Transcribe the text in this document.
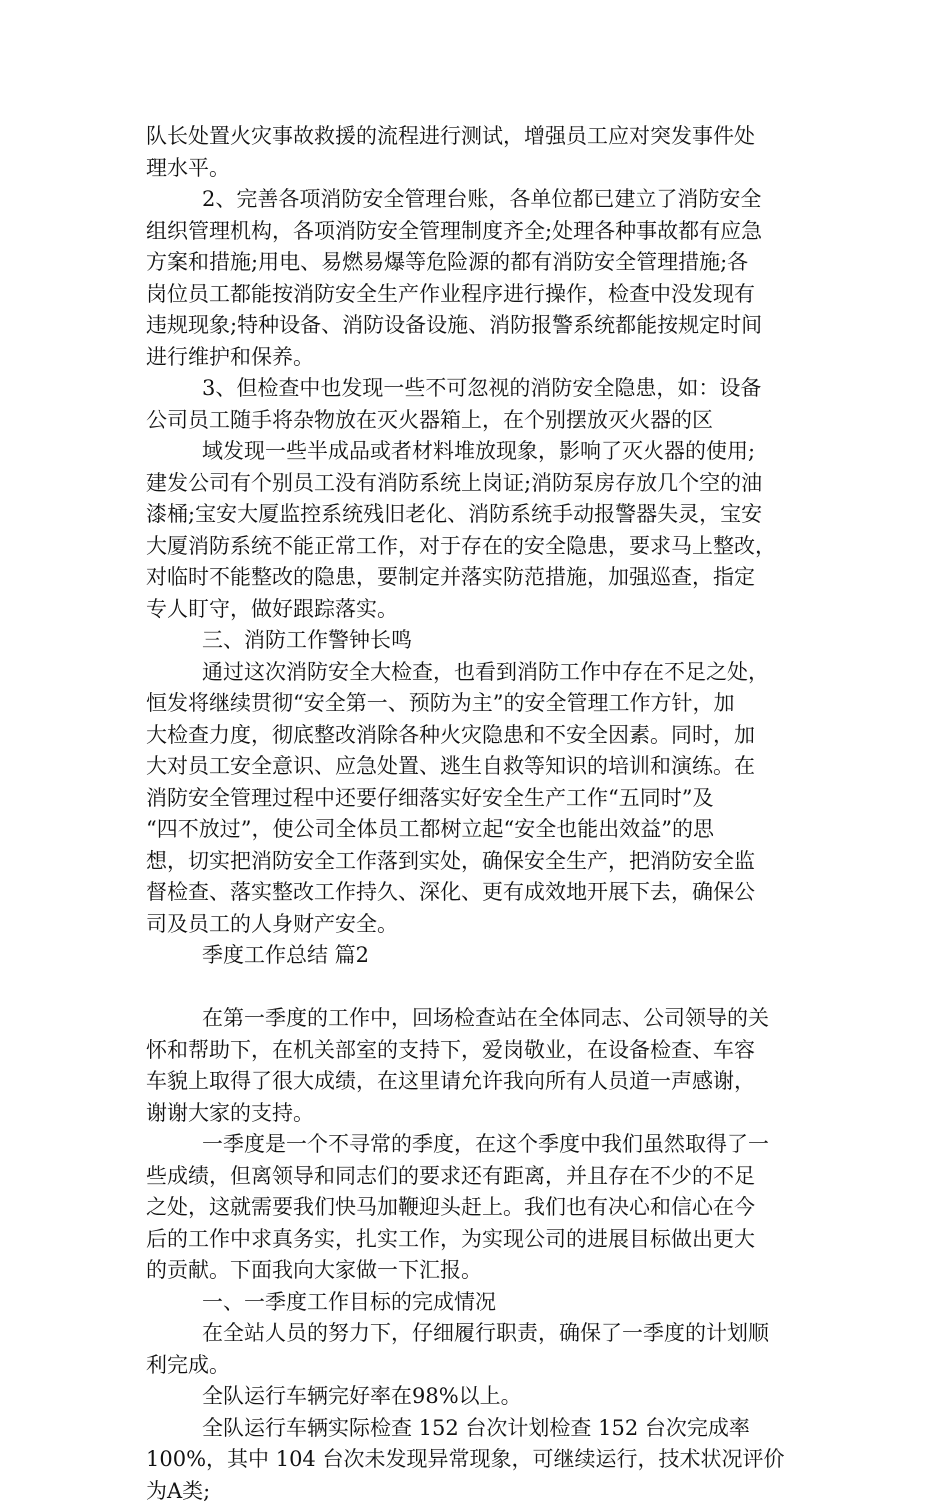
队长处置火灾事故救援的流程进行测试，增强员工应对突发事件处
理水平。
2、完善各项消防安全管理台账，各单位都已建立了消防安全
组织管理机构，各项消防安全管理制度齐全;处理各种事故都有应急
方案和措施;用电、易燃易爆等危险源的都有消防安全管理措施;各
岗位员工都能按消防安全生产作业程序进行操作，检查中没发现有
违规现象;特种设备、消防设备设施、消防报警系统都能按规定时间
进行维护和保养。
3、但检查中也发现一些不可忽视的消防安全隐患，如：设备
公司员工随手将杂物放在灭火器箱上，在个别摆放灭火器的区
域发现一些半成品或者材料堆放现象，影响了灭火器的使用;
建发公司有个别员工没有消防系统上岗证;消防泵房存放几个空的油
漆桶;宝安大厦监控系统残旧老化、消防系统手动报警器失灵，宝安
大厦消防系统不能正常工作，对于存在的安全隐患，要求马上整改，
对临时不能整改的隐患，要制定并落实防范措施，加强巡查，指定
专人盯守，做好跟踪落实。
三、消防工作警钟长鸣
通过这次消防安全大检查，也看到消防工作中存在不足之处，
恒发将继续贯彻“安全第一、预防为主”的安全管理工作方针，加
大检查力度，彻底整改消除各种火灾隐患和不安全因素。同时，加
大对员工安全意识、应急处置、逃生自救等知识的培训和演练。在
消防安全管理过程中还要仔细落实好安全生产工作“五同时”及
“四不放过”，使公司全体员工都树立起“安全也能出效益”的思
想，切实把消防安全工作落到实处，确保安全生产，把消防安全监
督检查、落实整改工作持久、深化、更有成效地开展下去，确保公
司及员工的人身财产安全。
季度工作总结 篇2
在第一季度的工作中，回场检查站在全体同志、公司领导的关
怀和帮助下，在机关部室的支持下，爱岗敬业，在设备检查、车容
车貌上取得了很大成绩，在这里请允许我向所有人员道一声感谢，
谢谢大家的支持。
一季度是一个不寻常的季度，在这个季度中我们虽然取得了一
些成绩，但离领导和同志们的要求还有距离，并且存在不少的不足
之处，这就需要我们快马加鞭迎头赶上。我们也有决心和信心在今
后的工作中求真务实，扎实工作，为实现公司的进展目标做出更大
的贡献。下面我向大家做一下汇报。
一、一季度工作目标的完成情况
在全站人员的努力下，仔细履行职责，确保了一季度的计划顺
利完成。
全队运行车辆完好率在98%以上。
全队运行车辆实际检查 152 台次计划检查 152 台次完成率
100%，其中 104 台次未发现异常现象，可继续运行，技术状况评价
为A类;
